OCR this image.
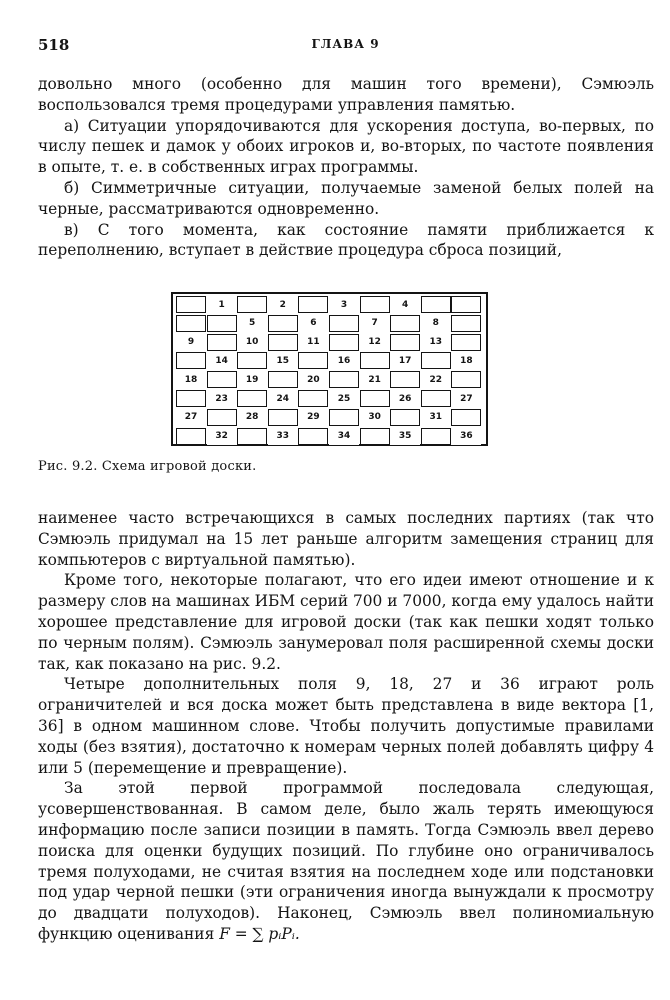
518	ГЛАВА 9

довольно много (особенно для машин того времени), Сэмюэль воспользовался тремя процедурами управления памятью.

а) Ситуации упорядочиваются для ускорения доступа, во-первых, по числу пешек и дамок у обоих игроков и, во-вторых, по частоте появления в опыте, т. е. в собственных играх программы.

б) Симметричные ситуации, получаемые заменой белых полей на черные, рассматриваются одновременно.

в) С того момента, как состояние памяти приближается к переполнению, вступает в действие процедура сброса позиций,

1	2	3	4
5	6	7	8
9	10	11	12	13
14	15	16	17	18
18	19	20	21	22
23	24	25	26	27
27	28	29	30	31
32	33	34	35	36
Рис. 9.2. Схема игровой доски.

наименее часто встречающихся в самых последних партиях (так что Сэмюэль придумал на 15 лет раньше алгоритм замещения страниц для компьютеров с виртуальной памятью).

Кроме того, некоторые полагают, что его идеи имеют отношение и к размеру слов на машинах ИБМ серий 700 и 7000, когда ему удалось найти хорошее представление для игровой доски (так как пешки ходят только по черным полям). Сэмюэль занумеровал поля расширенной схемы доски так, как показано на рис. 9.2.

Четыре дополнительных поля 9, 18, 27 и 36 играют роль ограничителей и вся доска может быть представлена в виде вектора [1, 36] в одном машинном слове. Чтобы получить допустимые правилами ходы (без взятия), достаточно к номерам черных полей добавлять цифру 4 или 5 (перемещение и превращение).

За этой первой программой последовала следующая, усовершенствованная. В самом деле, было жаль терять имеющуюся информацию после записи позиции в память. Тогда Сэмюэль ввел дерево поиска для оценки будущих позиций. По глубине оно ограничивалось тремя полуходами, не считая взятия на последнем ходе или подстановки под удар черной пешки (эти ограничения иногда вынуждали к просмотру до двадцати полуходов). Наконец, Сэмюэль ввел полиномиальную функцию оценивания F = ∑ pᵢPᵢ.
